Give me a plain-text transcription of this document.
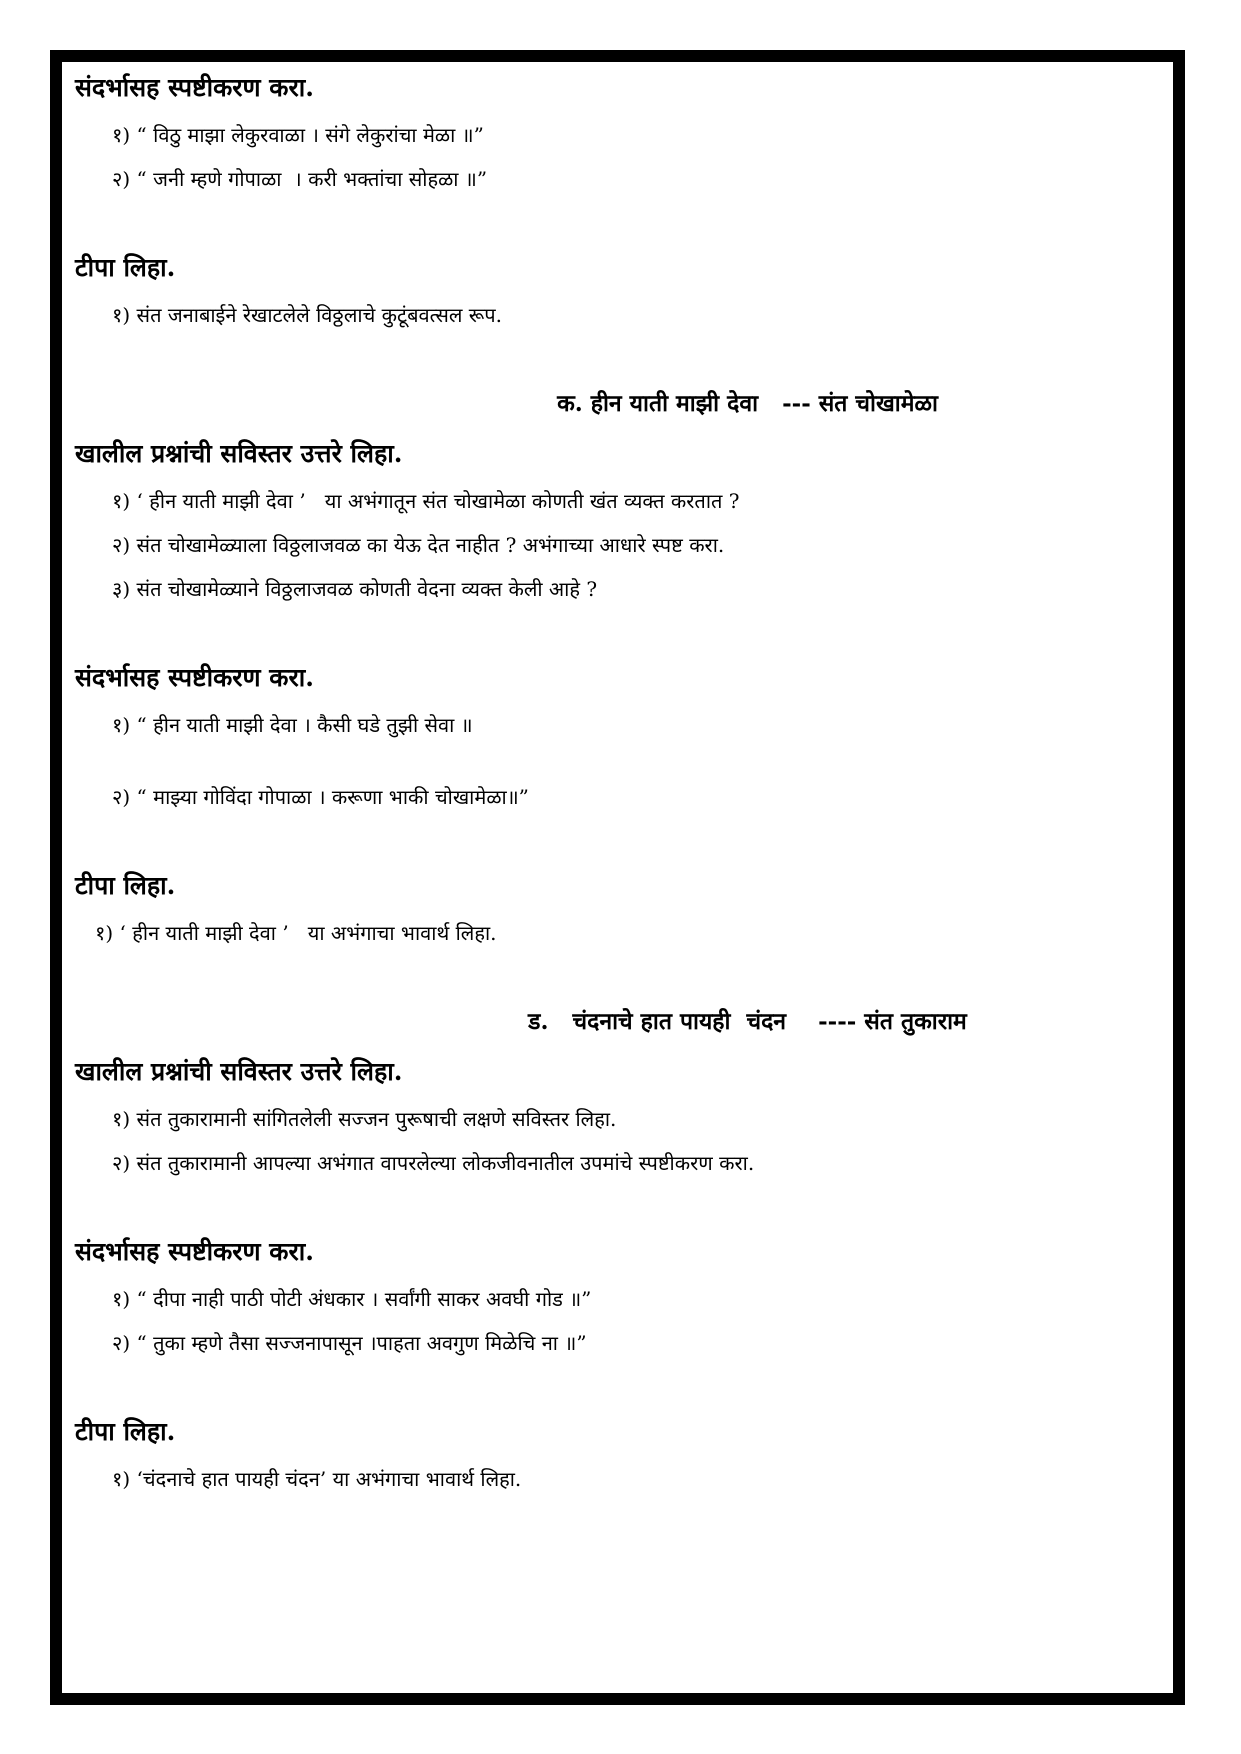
संदर्भासह स्पष्टीकरण करा.

१) “ विठु माझा लेकुरवाळा । संगे लेकुरांचा मेळा ॥”

२) “ जनी म्हणे गोपाळा  । करी भक्तांचा सोहळा ॥”

टीपा लिहा.

१) संत जनाबाईने रेखाटलेले विठ्ठलाचे कुटूंबवत्सल रूप.

क. हीन याती माझी देवा   --- संत चोखामेळा

खालील प्रश्नांची सविस्तर उत्तरे लिहा.

१) ‘ हीन याती माझी देवा ’   या अभंगातून संत चोखामेळा कोणती खंत व्यक्त करतात ?

२) संत चोखामेळ्याला विठ्ठलाजवळ का येऊ देत नाहीत ? अभंगाच्या आधारे स्पष्ट करा.

३) संत चोखामेळ्याने विठ्ठलाजवळ कोणती वेदना व्यक्त केली आहे ?

संदर्भासह स्पष्टीकरण करा.

१) “ हीन याती माझी देवा । कैसी घडे तुझी सेवा ॥

२) “ माझ्या गोविंदा गोपाळा । करूणा भाकी चोखामेळा॥”

टीपा लिहा.

१) ‘ हीन याती माझी देवा ’   या अभंगाचा भावार्थ लिहा.

ड.   चंदनाचे हात पायही  चंदन    ---- संत तुकाराम

खालील प्रश्नांची सविस्तर उत्तरे लिहा.

१) संत तुकारामानी सांगितलेली सज्जन पुरूषाची लक्षणे सविस्तर लिहा.

२) संत तुकारामानी आपल्या अभंगात वापरलेल्या लोकजीवनातील उपमांचे स्पष्टीकरण करा.

संदर्भासह स्पष्टीकरण करा.

१) “ दीपा नाही पाठी पोटी अंधकार । सर्वांगी साकर अवघी गोड ॥”

२) “ तुका म्हणे तैसा सज्जनापासून ।पाहता अवगुण मिळेचि ना ॥”

टीपा लिहा.

१) ‘चंदनाचे हात पायही चंदन’ या अभंगाचा भावार्थ लिहा.
